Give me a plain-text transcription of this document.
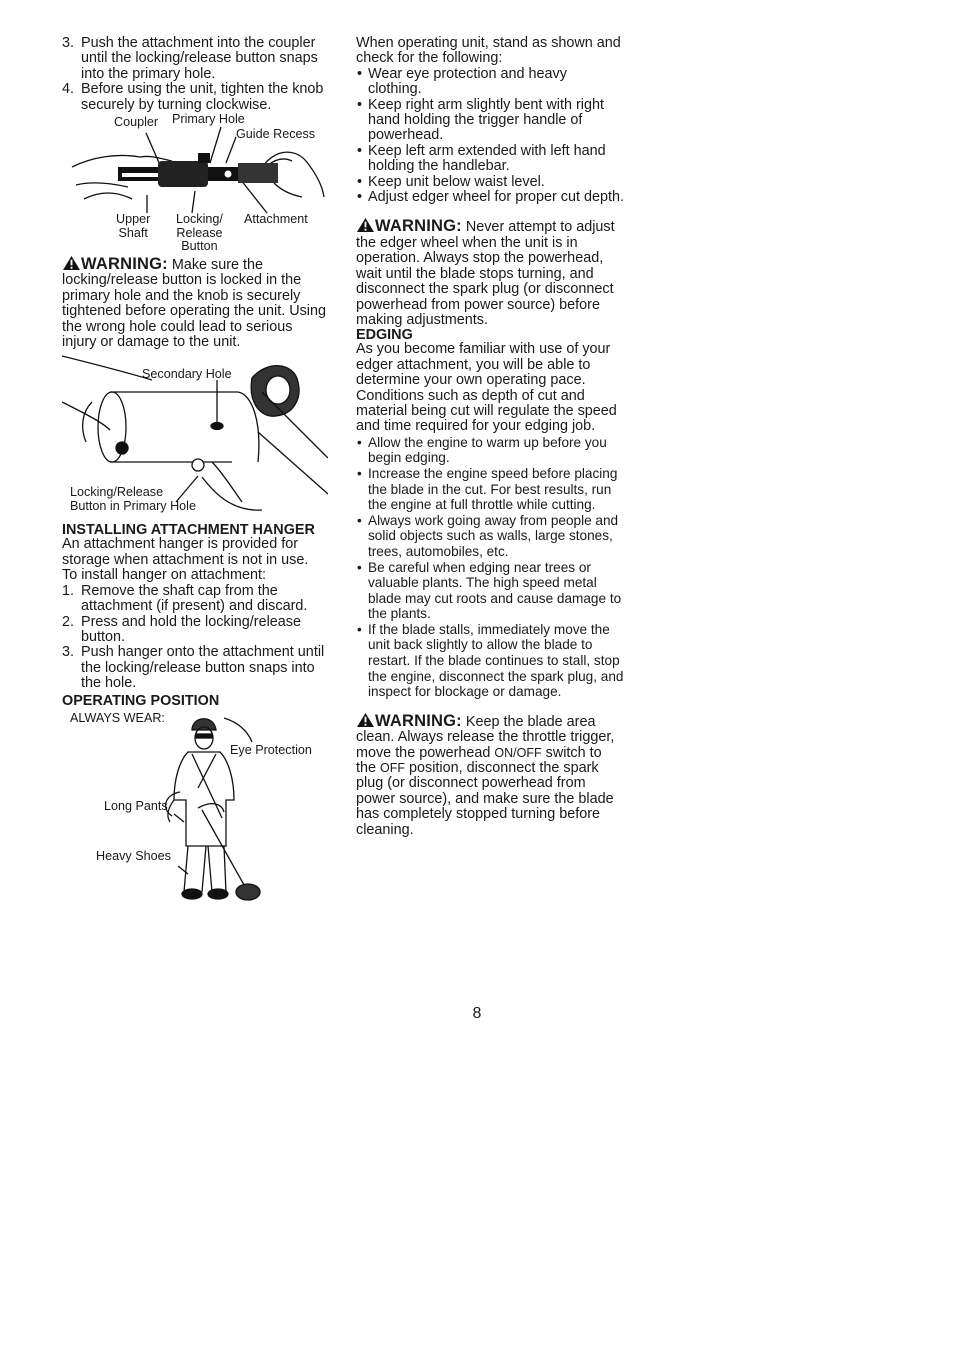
3. Push the attachment into the coupler until the locking/release button snaps into the primary hole.
4. Before using the unit, tighten the knob securely by turning clockwise.
Coupler Primary Hole
Guide Recess
Upper
Shaft
Locking/
Release
Button
Attachment

WARNING: Make sure the locking/release button is locked in the primary hole and the knob is securely tightened before operating the unit. Using the wrong hole could lead to serious injury or damage to the unit.

Secondary Hole
Locking/Release
Button in Primary Hole
INSTALLING ATTACHMENT HANGER

An attachment hanger is provided for storage when attachment is not in use.

To install hanger on attachment:

1. Remove the shaft cap from the attachment (if present) and discard.
2. Press and hold the locking/release button.
3. Push hanger onto the attachment until the locking/release button snaps into the hole.
OPERATING POSITION
ALWAYS WEAR:
Eye Protection
Long Pants
Heavy Shoes

When operating unit, stand as shown and check for the following:

• Wear eye protection and heavy clothing.
• Keep right arm slightly bent with right hand holding the trigger handle of powerhead.
• Keep left arm extended with left hand holding the handlebar.
• Keep unit below waist level.
• Adjust edger wheel for proper cut depth.

WARNING: Never attempt to adjust the edger wheel when the unit is in operation. Always stop the powerhead, wait until the blade stops turning, and disconnect the spark plug (or disconnect powerhead from power source) before making adjustments.

EDGING

As you become familiar with use of your edger attachment, you will be able to determine your own operating pace. Conditions such as depth of cut and material being cut will regulate the speed and time required for your edging job.

• Allow the engine to warm up before you begin edging.
• Increase the engine speed before placing the blade in the cut. For best results, run the engine at full throttle while cutting.
• Always work going away from people and solid objects such as walls, large stones, trees, automobiles, etc.
• Be careful when edging near trees or valuable plants. The high speed metal blade may cut roots and cause damage to the plants.
• If the blade stalls, immediately move the unit back slightly to allow the blade to restart. If the blade continues to stall, stop the engine, disconnect the spark plug, and inspect for blockage or damage.

WARNING: Keep the blade area clean. Always release the throttle trigger, move the powerhead ON/OFF switch to the OFF position, disconnect the spark plug (or disconnect powerhead from power source), and make sure the blade has completely stopped turning before cleaning.

8
